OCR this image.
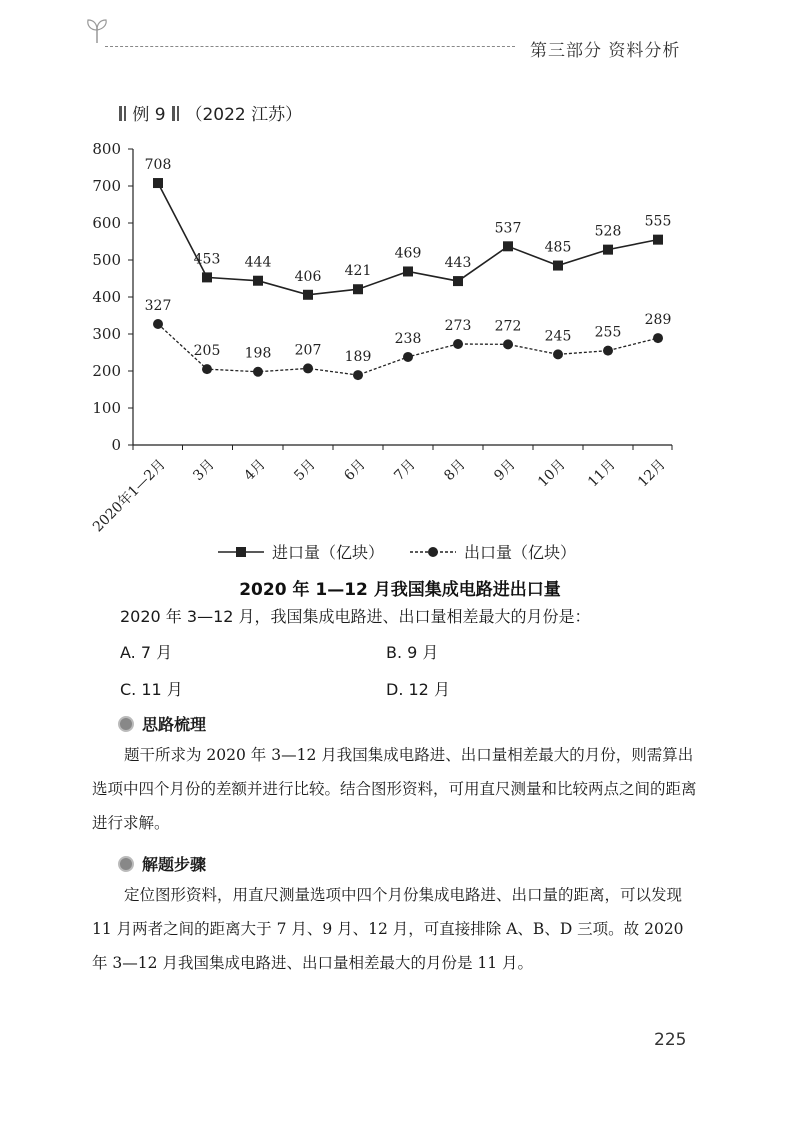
第三部分 资料分析
例 9 （2022 江苏）
0
100
200
300
400
500
600
700
800
2020年1—2月 3月 4月 5月 6月 7月 8月 9月 10月 11月 12月
708
453 444
406 421
469
443
537
485
528
555
327
205 198 207 189
238
273 272
245 255
289
进口量（亿块）	出口量（亿块）
2020 年 1—12 月我国集成电路进出口量
2020 年 3—12 月，我国集成电路进、出口量相差最大的月份是：
A. 7 月	B. 9 月
C. 11 月	D. 12 月
思路梳理
题干所求为 2020 年 3—12 月我国集成电路进、出口量相差最大的月份，则需算出选项中四个月份的差额并进行比较。结合图形资料，可用直尺测量和比较两点之间的距离进行求解。
解题步骤
定位图形资料，用直尺测量选项中四个月份集成电路进、出口量的距离，可以发现 11 月两者之间的距离大于 7 月、9 月、12 月，可直接排除 A、B、D 三项。故 2020 年 3—12 月我国集成电路进、出口量相差最大的月份是 11 月。
225
